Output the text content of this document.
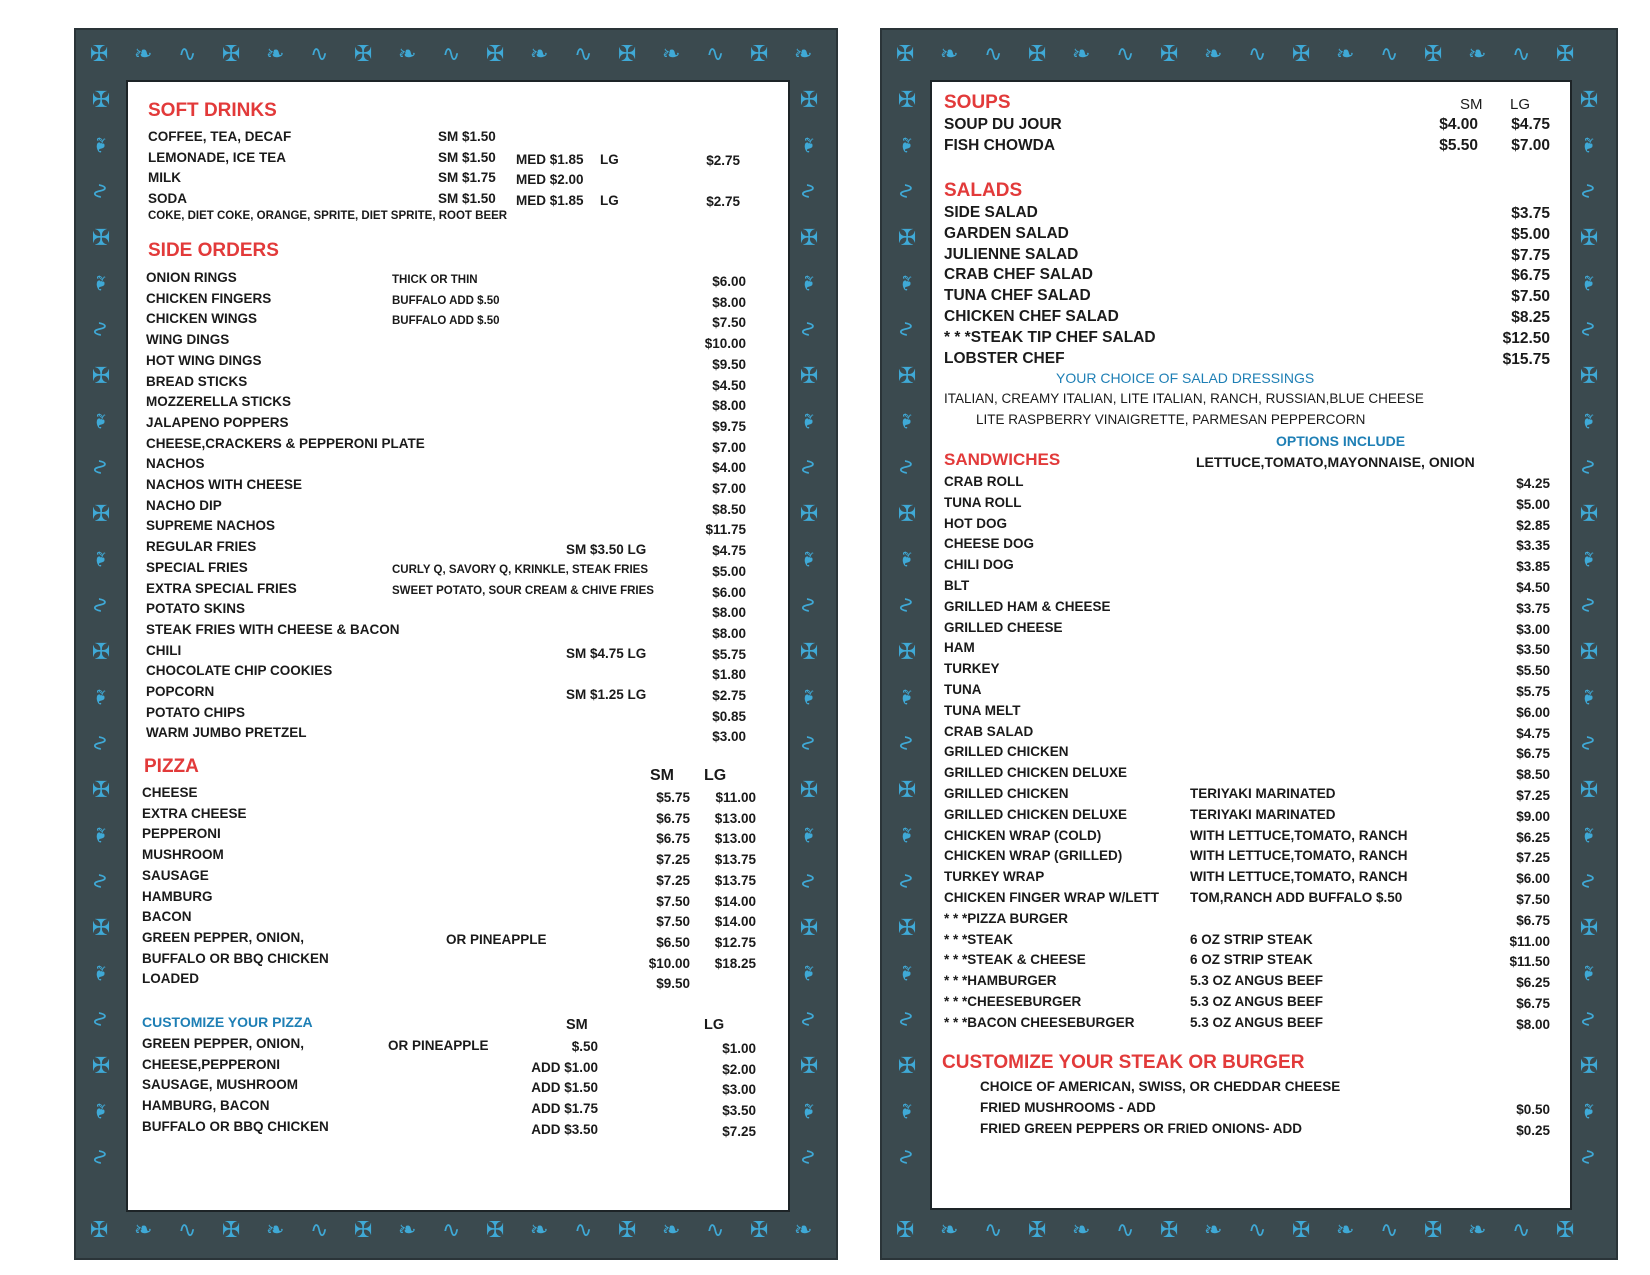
✠
✠
❧
❧
∿
∿
✠
✠
❧
❧
∿
∿
✠
✠
❧
❧
∿
∿
✠
✠
❧
❧
∿
∿
✠
✠
❧
❧
∿
∿
✠
✠
❧
❧
✠	✠
❧	❧
∿	∿
✠	✠
❧	❧
∿	∿
✠	✠
❧	❧
∿	∿
✠	✠
❧	❧
∿	∿
✠	✠
❧	❧
∿	∿
✠	✠
❧	❧
∿	∿
✠	✠
❧	❧
∿	∿
✠	✠
❧	❧
∿	∿
SOFT DRINKS
COKE, DIET COKE, ORANGE, SPRITE, DIET SPRITE, ROOT BEER
SIDE ORDERS
PIZZA	SM LG
CUSTOMIZE YOUR PIZZA	SM	LG
COFFEE, TEA, DECAF	SM $1.50
LEMONADE, ICE TEA	SM $1.50 MED $1.85 LG	$2.75
MILK	SM $1.75 MED $2.00
SODA	SM $1.50 MED $1.85 LG	$2.75
ONION RINGS	THICK OR THIN	$6.00
CHICKEN FINGERS	BUFFALO ADD $.50	$8.00
CHICKEN WINGS	BUFFALO ADD $.50	$7.50
WING DINGS	$10.00
HOT WING DINGS	$9.50
BREAD STICKS	$4.50
MOZZERELLA STICKS	$8.00
JALAPENO POPPERS	$9.75
CHEESE,CRACKERS & PEPPERONI PLATE	$7.00
NACHOS	$4.00
NACHOS WITH CHEESE	$7.00
NACHO DIP	$8.50
SUPREME NACHOS	$11.75
REGULAR FRIES	SM $3.50 LG	$4.75
SPECIAL FRIES	CURLY Q, SAVORY Q, KRINKLE, STEAK FRIES	$5.00
EXTRA SPECIAL FRIES	SWEET POTATO, SOUR CREAM & CHIVE FRIES	$6.00
POTATO SKINS	$8.00
STEAK FRIES WITH CHEESE & BACON	$8.00
CHILI	SM $4.75 LG	$5.75
CHOCOLATE CHIP COOKIES	$1.80
POPCORN	SM $1.25 LG	$2.75
POTATO CHIPS	$0.85
WARM JUMBO PRETZEL	$3.00
CHEESE	$5.75 $11.00
EXTRA CHEESE	$6.75 $13.00
PEPPERONI	$6.75 $13.00
MUSHROOM	$7.25 $13.75
SAUSAGE	$7.25 $13.75
HAMBURG	$7.50 $14.00
BACON	$7.50 $14.00
GREEN PEPPER, ONION,	OR PINEAPPLE	$6.50 $12.75
BUFFALO OR BBQ CHICKEN	$10.00 $18.25
LOADED	$9.50
GREEN PEPPER, ONION,	OR PINEAPPLE	$.50	$1.00
CHEESE,PEPPERONI	ADD $1.00	$2.00
SAUSAGE, MUSHROOM	ADD $1.50	$3.00
HAMBURG, BACON	ADD $1.75	$3.50
BUFFALO OR BBQ CHICKEN	ADD $3.50	$7.25
✠
✠
❧
❧
∿
∿
✠
✠
❧
❧
∿
∿
✠
✠
❧
❧
∿
∿
✠
✠
❧
❧
∿
∿
✠
✠
❧
❧
∿
∿
✠
✠
✠	✠
❧	❧
∿	∿
✠	✠
❧	❧
∿	∿
✠	✠
❧	❧
∿	∿
✠	✠
❧	❧
∿	∿
✠	✠
❧	❧
∿	∿
✠	✠
❧	❧
∿	∿
✠	✠
❧	❧
∿	∿
✠	✠
❧	❧
∿	∿
SOUPS	SM LG
SALADS
YOUR CHOICE OF SALAD DRESSINGS
ITALIAN, CREAMY ITALIAN, LITE ITALIAN, RANCH, RUSSIAN,BLUE CHEESE
LITE RASPBERRY VINAIGRETTE, PARMESAN PEPPERCORN
OPTIONS INCLUDE
SANDWICHES	LETTUCE,TOMATO,MAYONNAISE, ONION
CUSTOMIZE YOUR STEAK OR BURGER
SOUP DU JOUR	$4.00 $4.75
FISH CHOWDA	$5.50 $7.00
SIDE SALAD	$3.75
GARDEN SALAD	$5.00
JULIENNE SALAD	$7.75
CRAB CHEF SALAD	$6.75
TUNA CHEF SALAD	$7.50
CHICKEN CHEF SALAD	$8.25
* * *STEAK TIP CHEF SALAD	$12.50
LOBSTER CHEF	$15.75
CRAB ROLL	$4.25
TUNA ROLL	$5.00
HOT DOG	$2.85
CHEESE DOG	$3.35
CHILI DOG	$3.85
BLT	$4.50
GRILLED HAM & CHEESE	$3.75
GRILLED CHEESE	$3.00
HAM	$3.50
TURKEY	$5.50
TUNA	$5.75
TUNA MELT	$6.00
CRAB SALAD	$4.75
GRILLED CHICKEN	$6.75
GRILLED CHICKEN DELUXE	$8.50
GRILLED CHICKEN	TERIYAKI MARINATED	$7.25
GRILLED CHICKEN DELUXE	TERIYAKI MARINATED	$9.00
CHICKEN WRAP (COLD)	WITH LETTUCE,TOMATO, RANCH	$6.25
CHICKEN WRAP (GRILLED)	WITH LETTUCE,TOMATO, RANCH	$7.25
TURKEY WRAP	WITH LETTUCE,TOMATO, RANCH	$6.00
CHICKEN FINGER WRAP W/LETT TOM,RANCH ADD BUFFALO $.50	$7.50
* * *PIZZA BURGER	$6.75
* * *STEAK	6 OZ STRIP STEAK	$11.00
* * *STEAK & CHEESE	6 OZ STRIP STEAK	$11.50
* * *HAMBURGER	5.3 OZ ANGUS BEEF	$6.25
* * *CHEESEBURGER	5.3 OZ ANGUS BEEF	$6.75
* * *BACON CHEESEBURGER	5.3 OZ ANGUS BEEF	$8.00
CHOICE OF AMERICAN, SWISS, OR CHEDDAR CHEESE
FRIED MUSHROOMS - ADD	$0.50
FRIED GREEN PEPPERS OR FRIED ONIONS- ADD	$0.25
